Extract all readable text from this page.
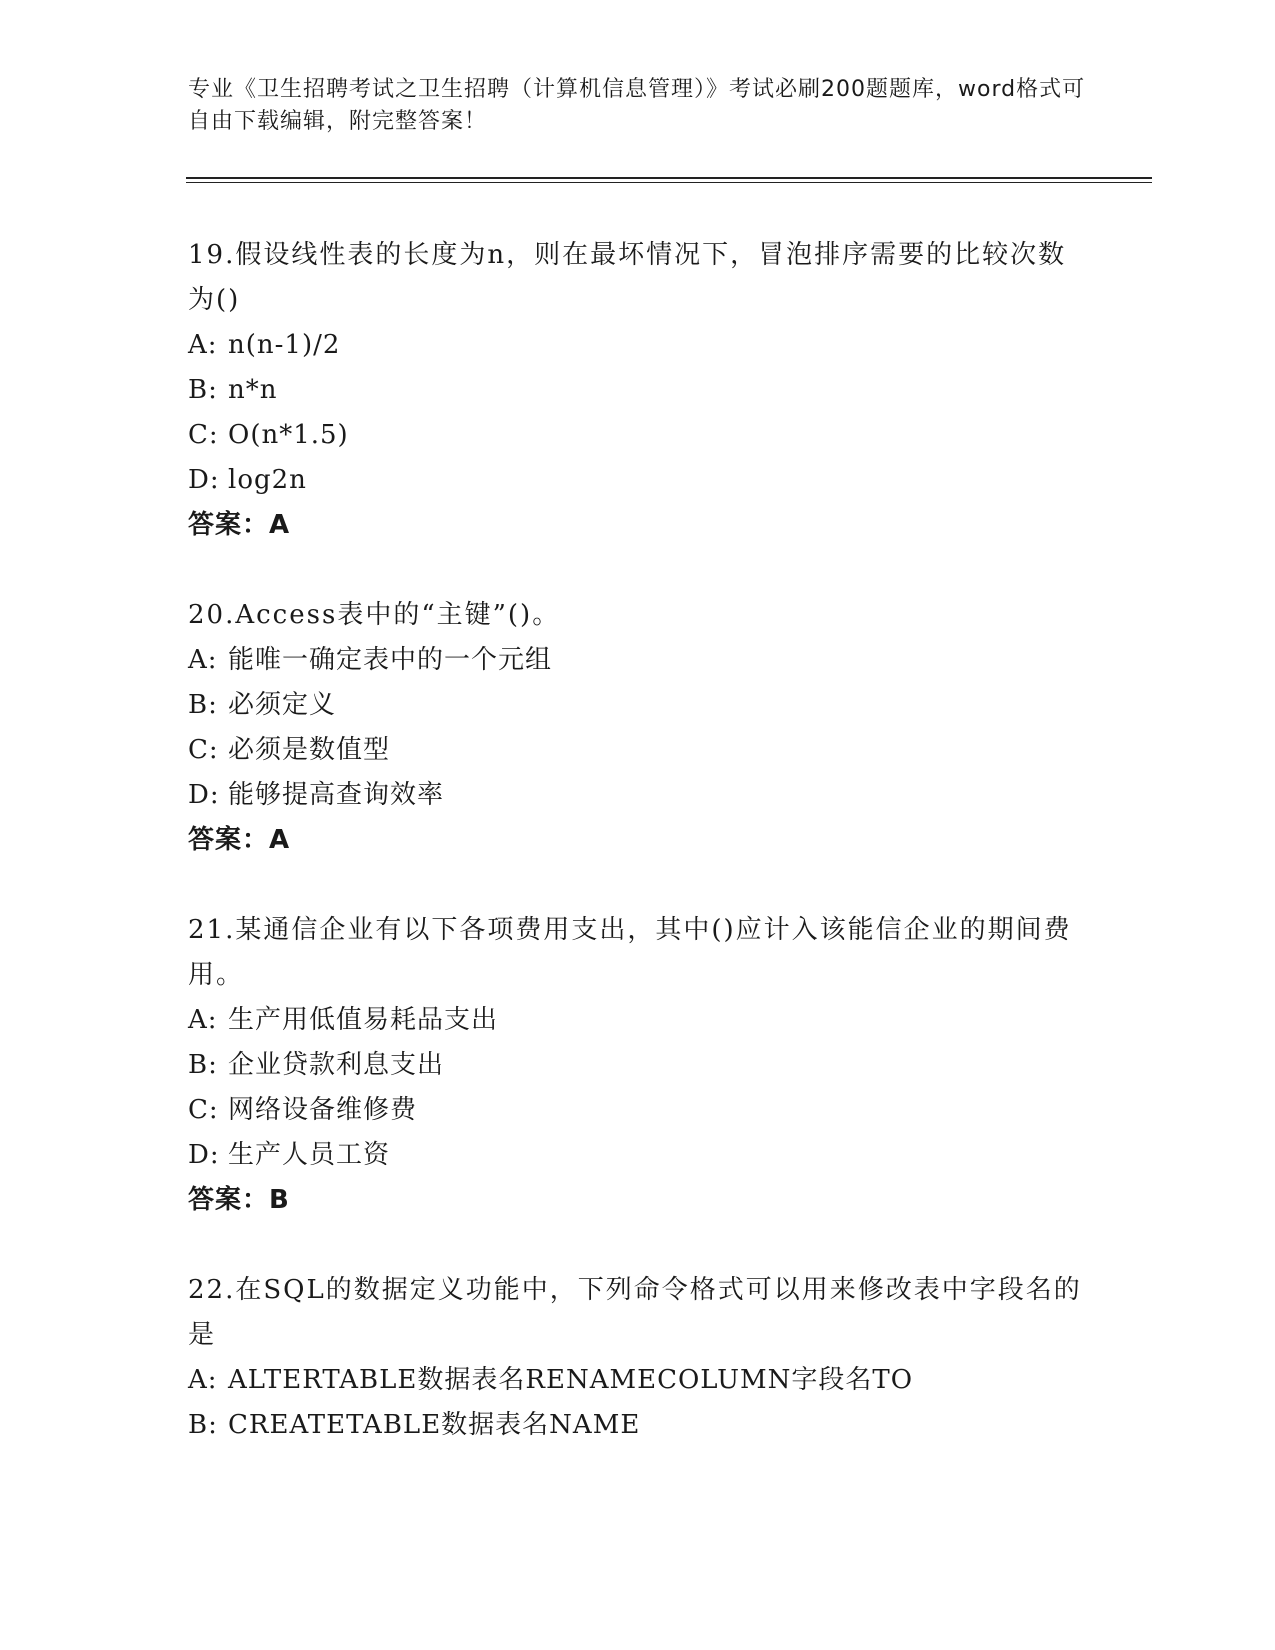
专业《卫生招聘考试之卫生招聘（计算机信息管理）》考试必刷200题题库，word格式可自由下载编辑，附完整答案！

19.假设线性表的长度为n，则在最坏情况下，冒泡排序需要的比较次数为()

A: n(n-1)/2
B: n*n
C: O(n*1.5)
D: log2n
答案：A

20.Access表中的“主键”()。

A: 能唯一确定表中的一个元组
B: 必须定义
C: 必须是数值型
D: 能够提高查询效率
答案：A

21.某通信企业有以下各项费用支出，其中()应计入该能信企业的期间费用。

A: 生产用低值易耗品支出
B: 企业贷款利息支出
C: 网络设备维修费
D: 生产人员工资
答案：B

22.在SQL的数据定义功能中，下列命令格式可以用来修改表中字段名的是

A: ALTERTABLE数据表名RENAMECOLUMN字段名TO
B: CREATETABLE数据表名NAME
